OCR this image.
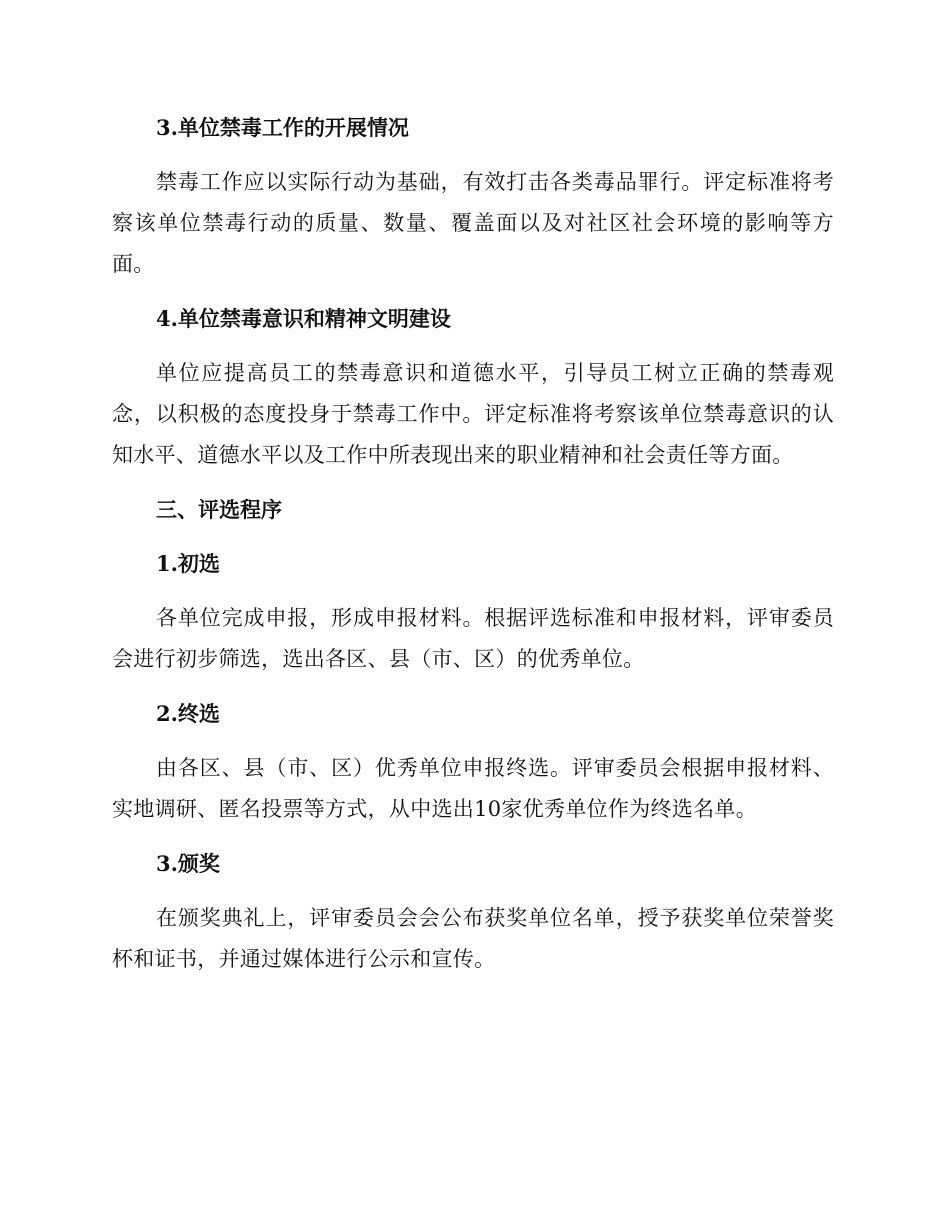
3.单位禁毒工作的开展情况

禁毒工作应以实际行动为基础，有效打击各类毒品罪行。评定标准将考察该单位禁毒行动的质量、数量、覆盖面以及对社区社会环境的影响等方面。

4.单位禁毒意识和精神文明建设

单位应提高员工的禁毒意识和道德水平，引导员工树立正确的禁毒观念，以积极的态度投身于禁毒工作中。评定标准将考察该单位禁毒意识的认知水平、道德水平以及工作中所表现出来的职业精神和社会责任等方面。

三、评选程序

1.初选

各单位完成申报，形成申报材料。根据评选标准和申报材料，评审委员会进行初步筛选，选出各区、县（市、区）的优秀单位。

2.终选

由各区、县（市、区）优秀单位申报终选。评审委员会根据申报材料、实地调研、匿名投票等方式，从中选出10家优秀单位作为终选名单。

3.颁奖

在颁奖典礼上，评审委员会会公布获奖单位名单，授予获奖单位荣誉奖杯和证书，并通过媒体进行公示和宣传。
